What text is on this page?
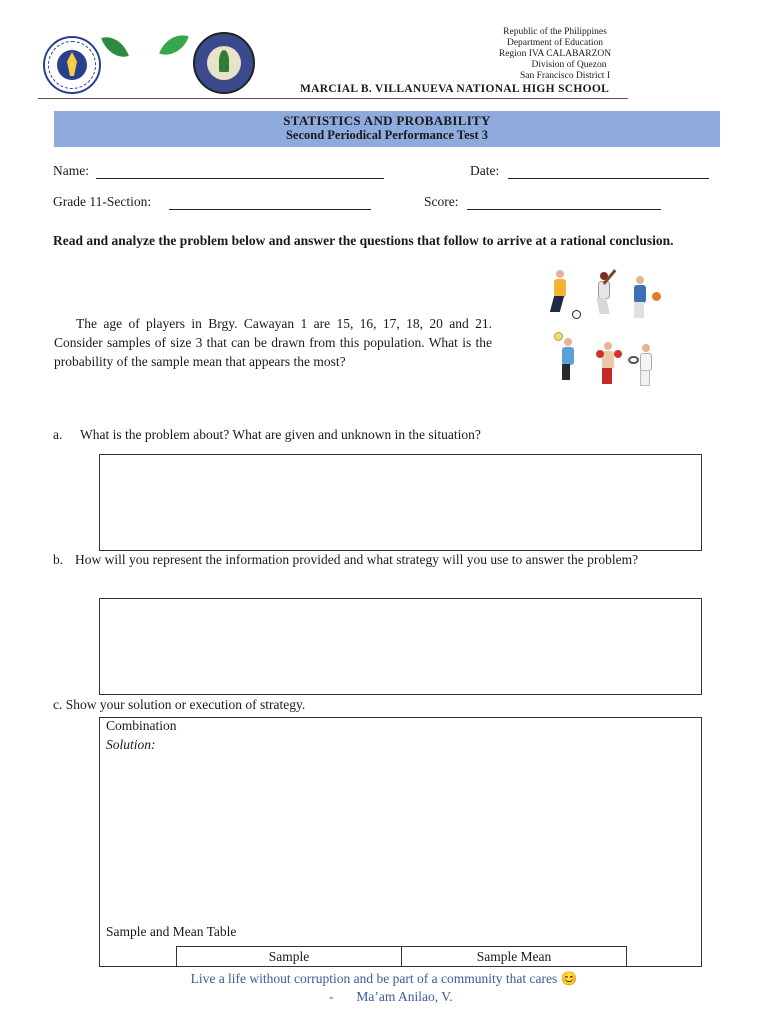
Republic of the Philippines
Department of Education
Region IVA CALABARZON
Division of Quezon
San Francisco District I
MARCIAL B. VILLANUEVA NATIONAL HIGH SCHOOL
STATISTICS AND PROBABILITY
Second Periodical Performance Test 3
Name:	Date:
Grade 11-Section:	Score:
Read and analyze the problem below and answer the questions that follow to arrive at a rational conclusion.

The age of players in Brgy. Cawayan 1 are 15, 16, 17, 18, 20 and 21. Consider samples of size 3 that can be drawn from this population. What is the probability of the sample mean that appears the most?

a. What is the problem about? What are given and unknown in the situation?
b. How will you represent the information provided and what strategy will you use to answer the problem?
c. Show your solution or execution of strategy.
Combination
Solution:
Sample and Mean Table
Sample	Sample Mean
Live a life without corruption and be part of a community that cares 😊
- Ma’am Anilao, V.
